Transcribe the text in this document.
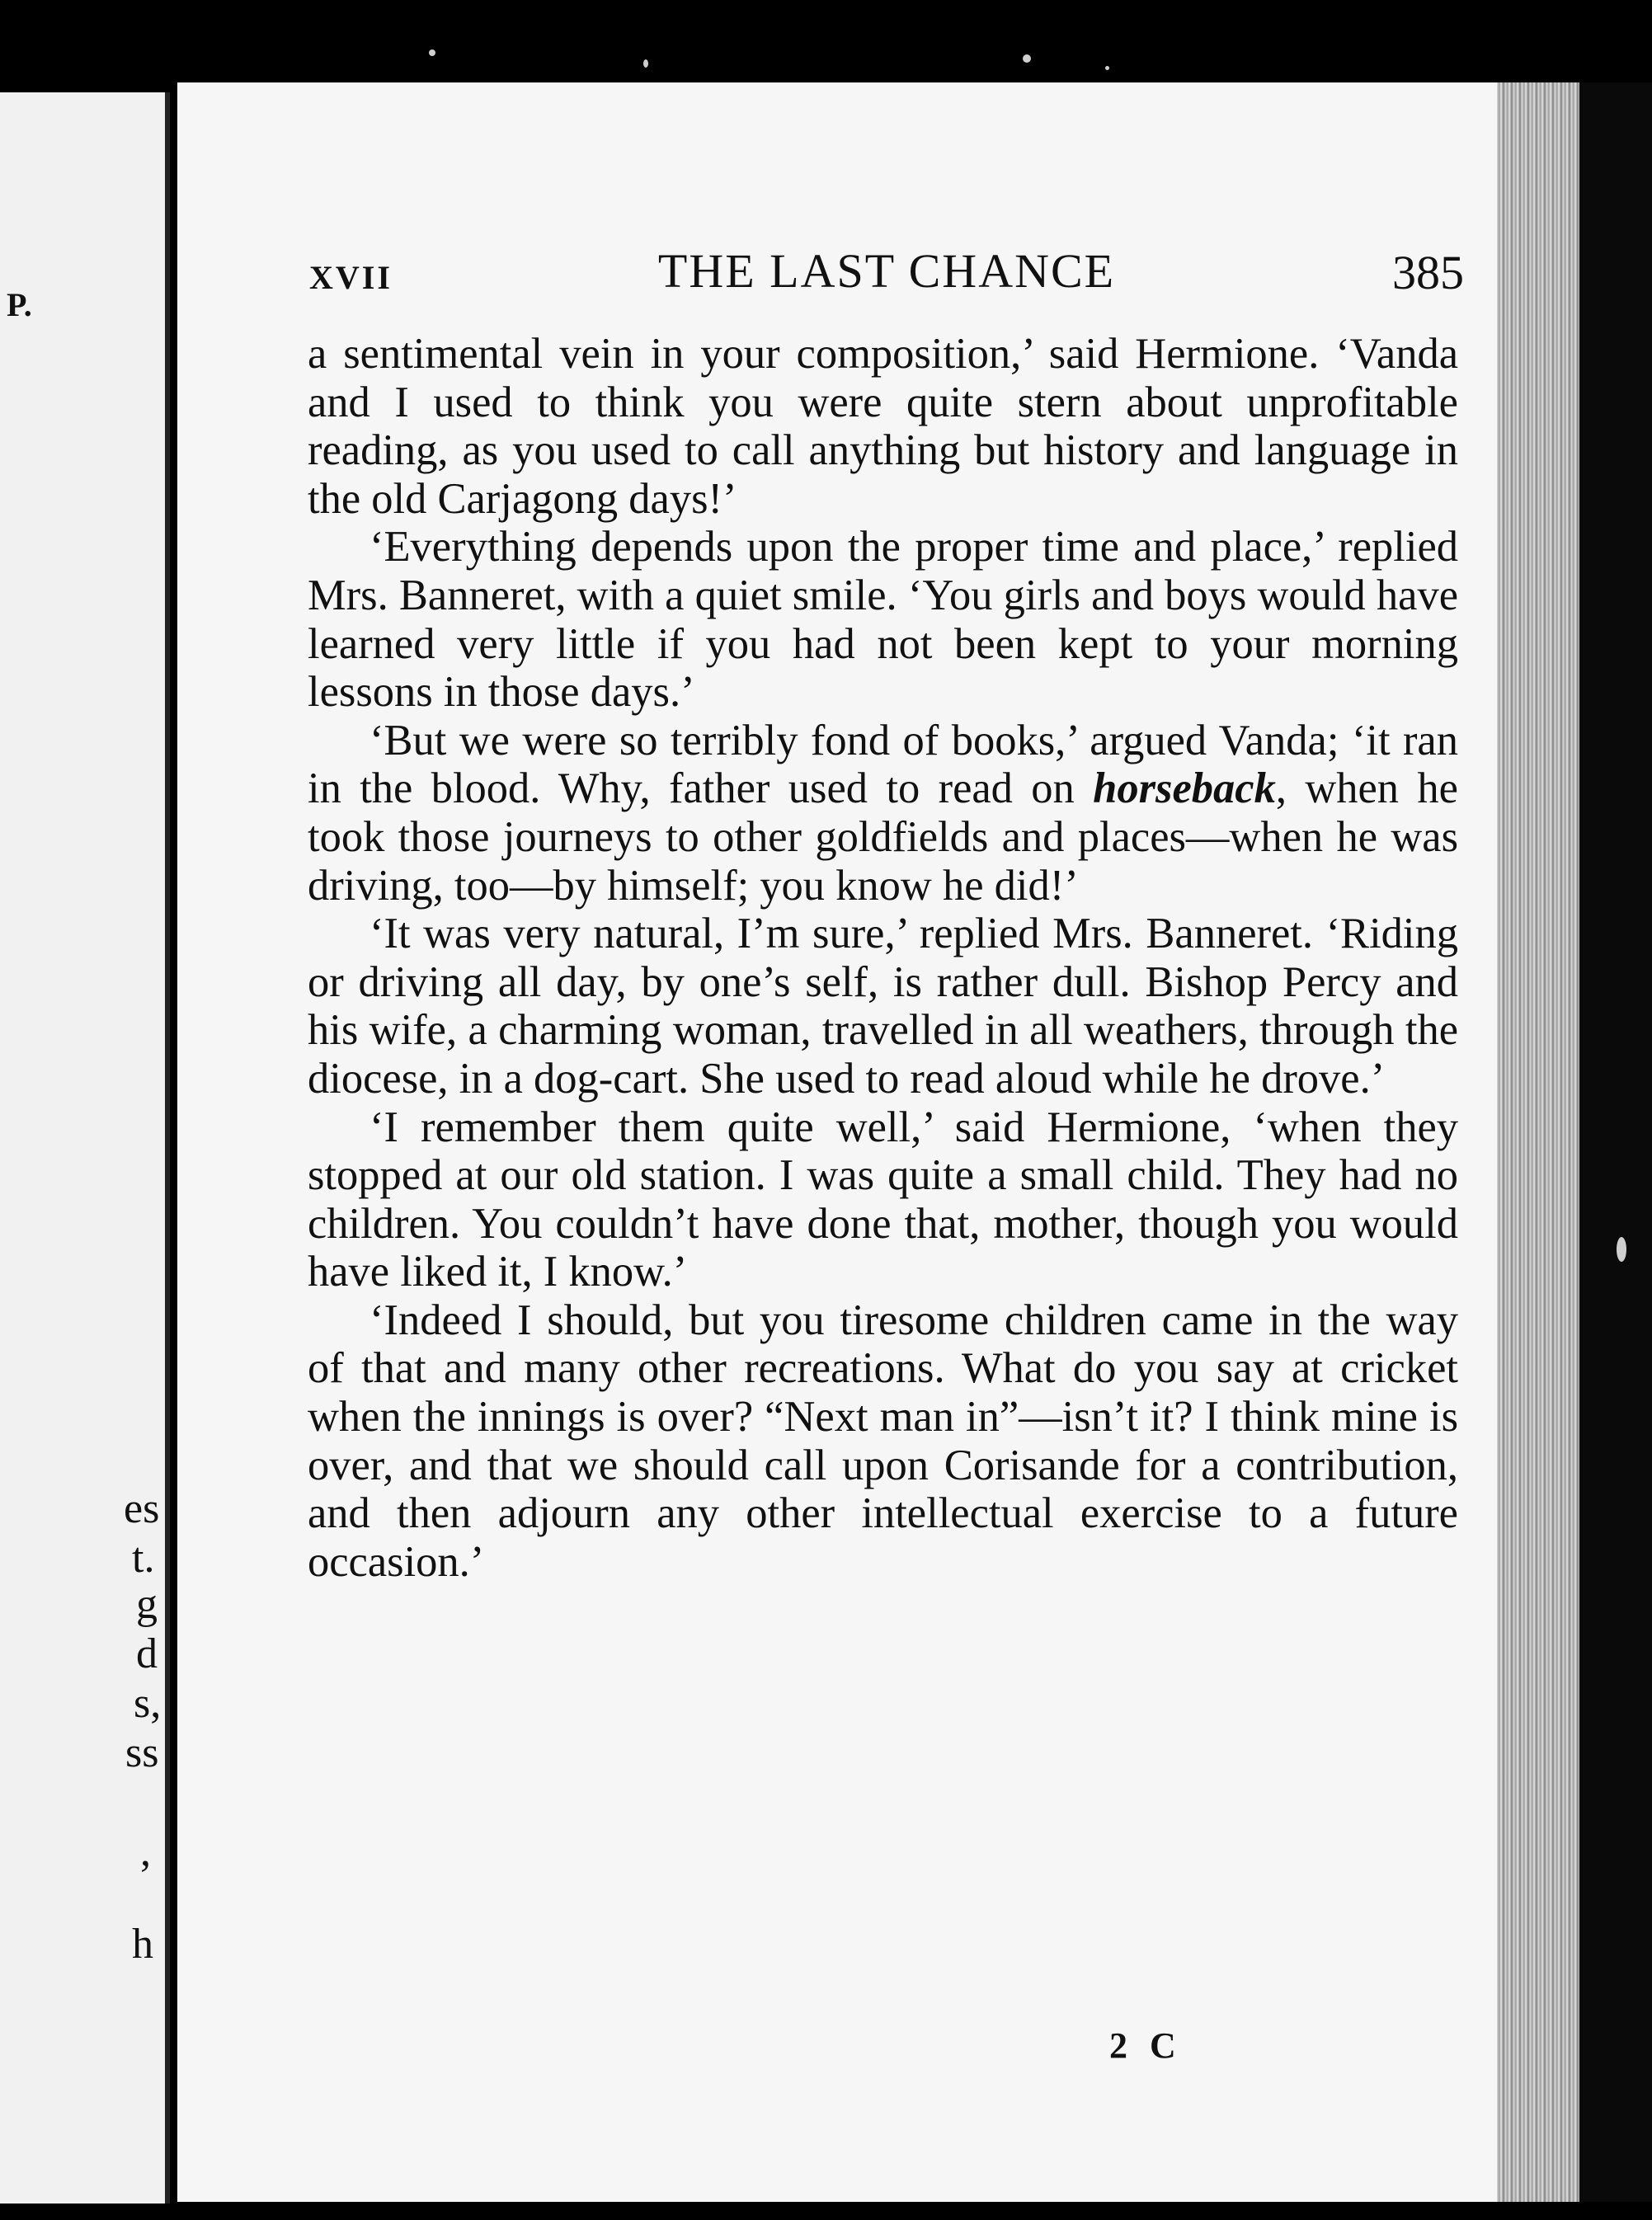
P.
es
t.
g
d
s,
ss
,
h
XVII	THE LAST CHANCE	385

a sentimental vein in your composition,’ said Hermione. ‘Vanda and I used to think you were quite stern about unprofitable reading, as you used to call anything but history and language in the old Carjagong days!’

‘Everything depends upon the proper time and place,’ replied Mrs. Banneret, with a quiet smile. ‘You girls and boys would have learned very little if you had not been kept to your morning lessons in those days.’

‘But we were so terribly fond of books,’ argued Vanda; ‘it ran in the blood. Why, father used to read on horseback, when he took those journeys to other goldfields and places—when he was driving, too—by himself; you know he did!’

‘It was very natural, I’m sure,’ replied Mrs. Banneret. ‘Riding or driving all day, by one’s self, is rather dull. Bishop Percy and his wife, a charming woman, travelled in all weathers, through the diocese, in a dog-cart. She used to read aloud while he drove.’

‘I remember them quite well,’ said Hermione, ‘when they stopped at our old station. I was quite a small child. They had no children. You couldn’t have done that, mother, though you would have liked it, I know.’

‘Indeed I should, but you tiresome children came in the way of that and many other recreations. What do you say at cricket when the innings is over? “Next man in”—isn’t it? I think mine is over, and that we should call upon Corisande for a contribution, and then adjourn any other intellectual exercise to a future occasion.’

2 C
